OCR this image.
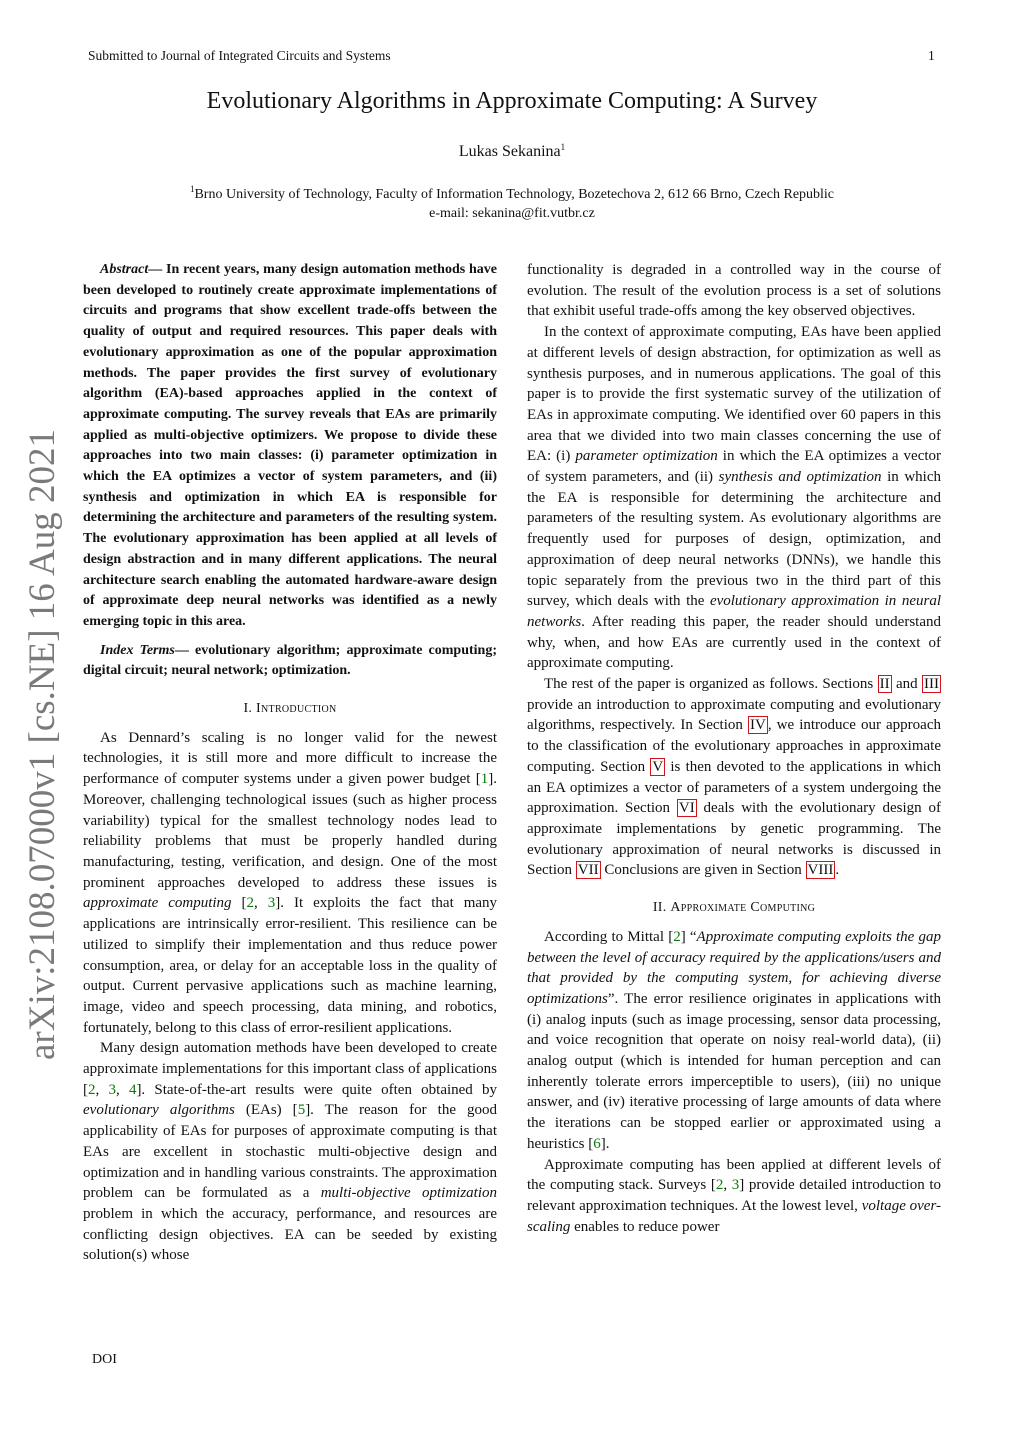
Submitted to Journal of Integrated Circuits and Systems	1
Evolutionary Algorithms in Approximate Computing: A Survey
Lukas Sekanina$^1$
$^1$Brno University of Technology, Faculty of Information Technology, Bozetechova 2, 612 66 Brno, Czech Republic
e-mail: sekanina@fit.vutbr.cz
arXiv:2108.07000v1 [cs.NE] 16 Aug 2021

Abstract— In recent years, many design automation methods have been developed to routinely create approximate implementations of circuits and programs that show excellent trade-offs between the quality of output and required resources. This paper deals with evolutionary approximation as one of the popular approximation methods. The paper provides the first survey of evolutionary algorithm (EA)-based approaches applied in the context of approximate computing. The survey reveals that EAs are primarily applied as multi-objective optimizers. We propose to divide these approaches into two main classes: (i) parameter optimization in which the EA optimizes a vector of system parameters, and (ii) synthesis and optimization in which EA is responsible for determining the architecture and parameters of the resulting system. The evolutionary approximation has been applied at all levels of design abstraction and in many different applications. The neural architecture search enabling the automated hardware-aware design of approximate deep neural networks was identified as a newly emerging topic in this area.

Index Terms— evolutionary algorithm; approximate computing; digital circuit; neural network; optimization.

I. Introduction

As Dennard’s scaling is no longer valid for the newest technologies, it is still more and more difficult to increase the performance of computer systems under a given power budget [1]. Moreover, challenging technological issues (such as higher process variability) typical for the smallest technology nodes lead to reliability problems that must be properly handled during manufacturing, testing, verification, and design. One of the most prominent approaches developed to address these issues is approximate computing [2, 3]. It exploits the fact that many applications are intrinsically error-resilient. This resilience can be utilized to simplify their implementation and thus reduce power consumption, area, or delay for an acceptable loss in the quality of output. Current pervasive applications such as machine learning, image, video and speech processing, data mining, and robotics, fortunately, belong to this class of error-resilient applications.

Many design automation methods have been developed to create approximate implementations for this important class of applications [2, 3, 4]. State-of-the-art results were quite often obtained by evolutionary algorithms (EAs) [5]. The reason for the good applicability of EAs for purposes of approximate computing is that EAs are excellent in stochastic multi-objective design and optimization and in handling various constraints. The approximation problem can be formulated as a multi-objective optimization problem in which the accuracy, performance, and resources are conflicting design objectives. EA can be seeded by existing solution(s) whose

functionality is degraded in a controlled way in the course of evolution. The result of the evolution process is a set of solutions that exhibit useful trade-offs among the key observed objectives.

In the context of approximate computing, EAs have been applied at different levels of design abstraction, for optimization as well as synthesis purposes, and in numerous applications. The goal of this paper is to provide the first systematic survey of the utilization of EAs in approximate computing. We identified over 60 papers in this area that we divided into two main classes concerning the use of EA: (i) parameter optimization in which the EA optimizes a vector of system parameters, and (ii) synthesis and optimization in which the EA is responsible for determining the architecture and parameters of the resulting system. As evolutionary algorithms are frequently used for purposes of design, optimization, and approximation of deep neural networks (DNNs), we handle this topic separately from the previous two in the third part of this survey, which deals with the evolutionary approximation in neural networks. After reading this paper, the reader should understand why, when, and how EAs are currently used in the context of approximate computing.

The rest of the paper is organized as follows. Sections II and III provide an introduction to approximate computing and evolutionary algorithms, respectively. In Section IV , we introduce our approach to the classification of the evolutionary approaches in approximate computing. Section V is then devoted to the applications in which an EA optimizes a vector of parameters of a system undergoing the approximation. Section VI deals with the evolutionary design of approximate implementations by genetic programming. The evolutionary approximation of neural networks is discussed in Section VII Conclusions are given in Section VIII .

II. Approximate Computing

According to Mittal [2] “Approximate computing exploits the gap between the level of accuracy required by the applications/users and that provided by the computing system, for achieving diverse optimizations”. The error resilience originates in applications with (i) analog inputs (such as image processing, sensor data processing, and voice recognition that operate on noisy real-world data), (ii) analog output (which is intended for human perception and can inherently tolerate errors imperceptible to users), (iii) no unique answer, and (iv) iterative processing of large amounts of data where the iterations can be stopped earlier or approximated using a heuristics [6].

Approximate computing has been applied at different levels of the computing stack. Surveys [2, 3] provide detailed introduction to relevant approximation techniques. At the lowest level, voltage over-scaling enables to reduce power

DOI
